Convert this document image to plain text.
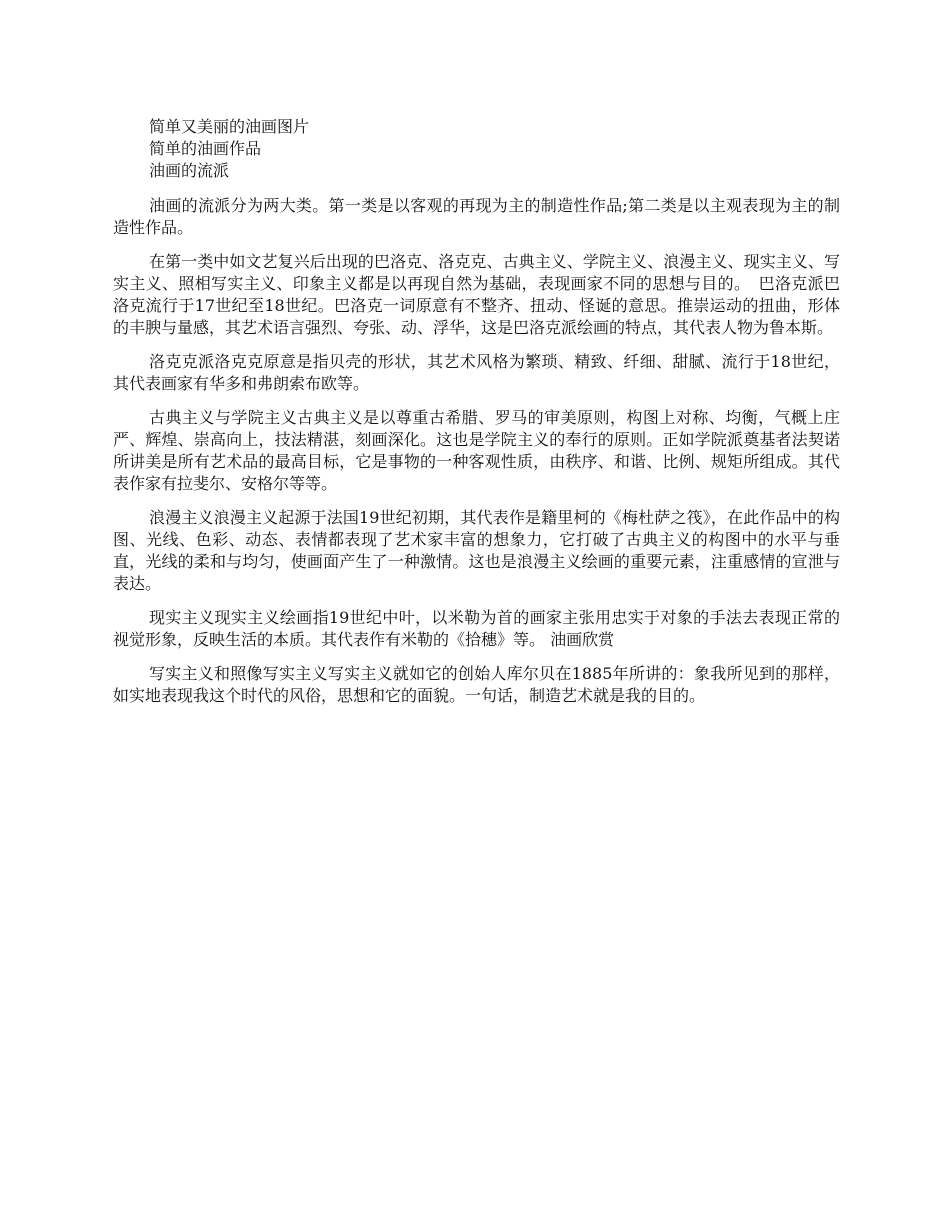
简单又美丽的油画图片

简单的油画作品

油画的流派

油画的流派分为两大类。第一类是以客观的再现为主的制造性作品;第二类是以主观表现为主的制造性作品。

在第一类中如文艺复兴后出现的巴洛克、洛克克、古典主义、学院主义、浪漫主义、现实主义、写实主义、照相写实主义、印象主义都是以再现自然为基础，表现画家不同的思想与目的。　巴洛克派巴洛克流行于17世纪至18世纪。巴洛克一词原意有不整齐、扭动、怪诞的意思。推崇运动的扭曲，形体的丰腴与量感，其艺术语言强烈、夸张、动、浮华，这是巴洛克派绘画的特点，其代表人物为鲁本斯。

洛克克派洛克克原意是指贝壳的形状，其艺术风格为繁琐、精致、纤细、甜腻、流行于18世纪，其代表画家有华多和弗朗索布欧等。

古典主义与学院主义古典主义是以尊重古希腊、罗马的审美原则，构图上对称、均衡，气概上庄严、辉煌、崇高向上，技法精湛，刻画深化。这也是学院主义的奉行的原则。正如学院派奠基者法契诺所讲美是所有艺术品的最高目标，它是事物的一种客观性质，由秩序、和谐、比例、规矩所组成。其代表作家有拉斐尔、安格尔等等。

浪漫主义浪漫主义起源于法国19世纪初期，其代表作是籍里柯的《梅杜萨之筏》，在此作品中的构图、光线、色彩、动态、表情都表现了艺术家丰富的想象力，它打破了古典主义的构图中的水平与垂直，光线的柔和与均匀，使画面产生了一种激情。这也是浪漫主义绘画的重要元素，注重感情的宣泄与表达。

现实主义现实主义绘画指19世纪中叶，以米勒为首的画家主张用忠实于对象的手法去表现正常的视觉形象，反映生活的本质。其代表作有米勒的《拾穗》等。 油画欣赏

写实主义和照像写实主义写实主义就如它的创始人库尔贝在1885年所讲的：象我所见到的那样，如实地表现我这个时代的风俗，思想和它的面貌。一句话，制造艺术就是我的目的。
